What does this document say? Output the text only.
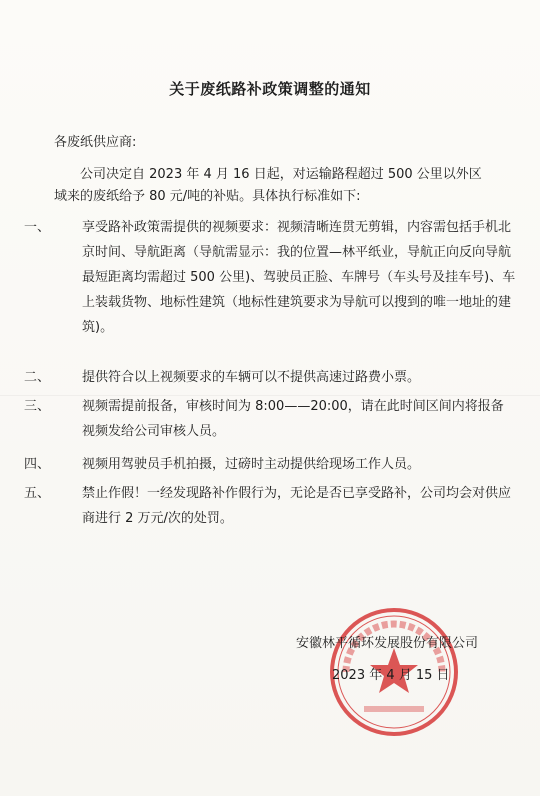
关于废纸路补政策调整的通知
各废纸供应商:
公司决定自 2023 年 4 月 16 日起，对运输路程超过 500 公里以外区域来的废纸给予 80 元/吨的补贴。具体执行标准如下:
一、	享受路补政策需提供的视频要求：视频清晰连贯无剪辑，内容需包括手机北京时间、导航距离（导航需显示：我的位置—林平纸业，导航正向反向导航最短距离均需超过 500 公里)、驾驶员正脸、车牌号（车头号及挂车号)、车上装载货物、地标性建筑（地标性建筑要求为导航可以搜到的唯一地址的建筑)。
二、	提供符合以上视频要求的车辆可以不提供高速过路费小票。
三、	视频需提前报备，审核时间为 8:00——20:00，请在此时间区间内将报备视频发给公司审核人员。
四、	视频用驾驶员手机拍摄，过磅时主动提供给现场工作人员。
五、	禁止作假！一经发现路补作假行为，无论是否已享受路补，公司均会对供应商进行 2 万元/次的处罚。
安徽林平循环发展股份有限公司
2023 年 4 月 15 日
